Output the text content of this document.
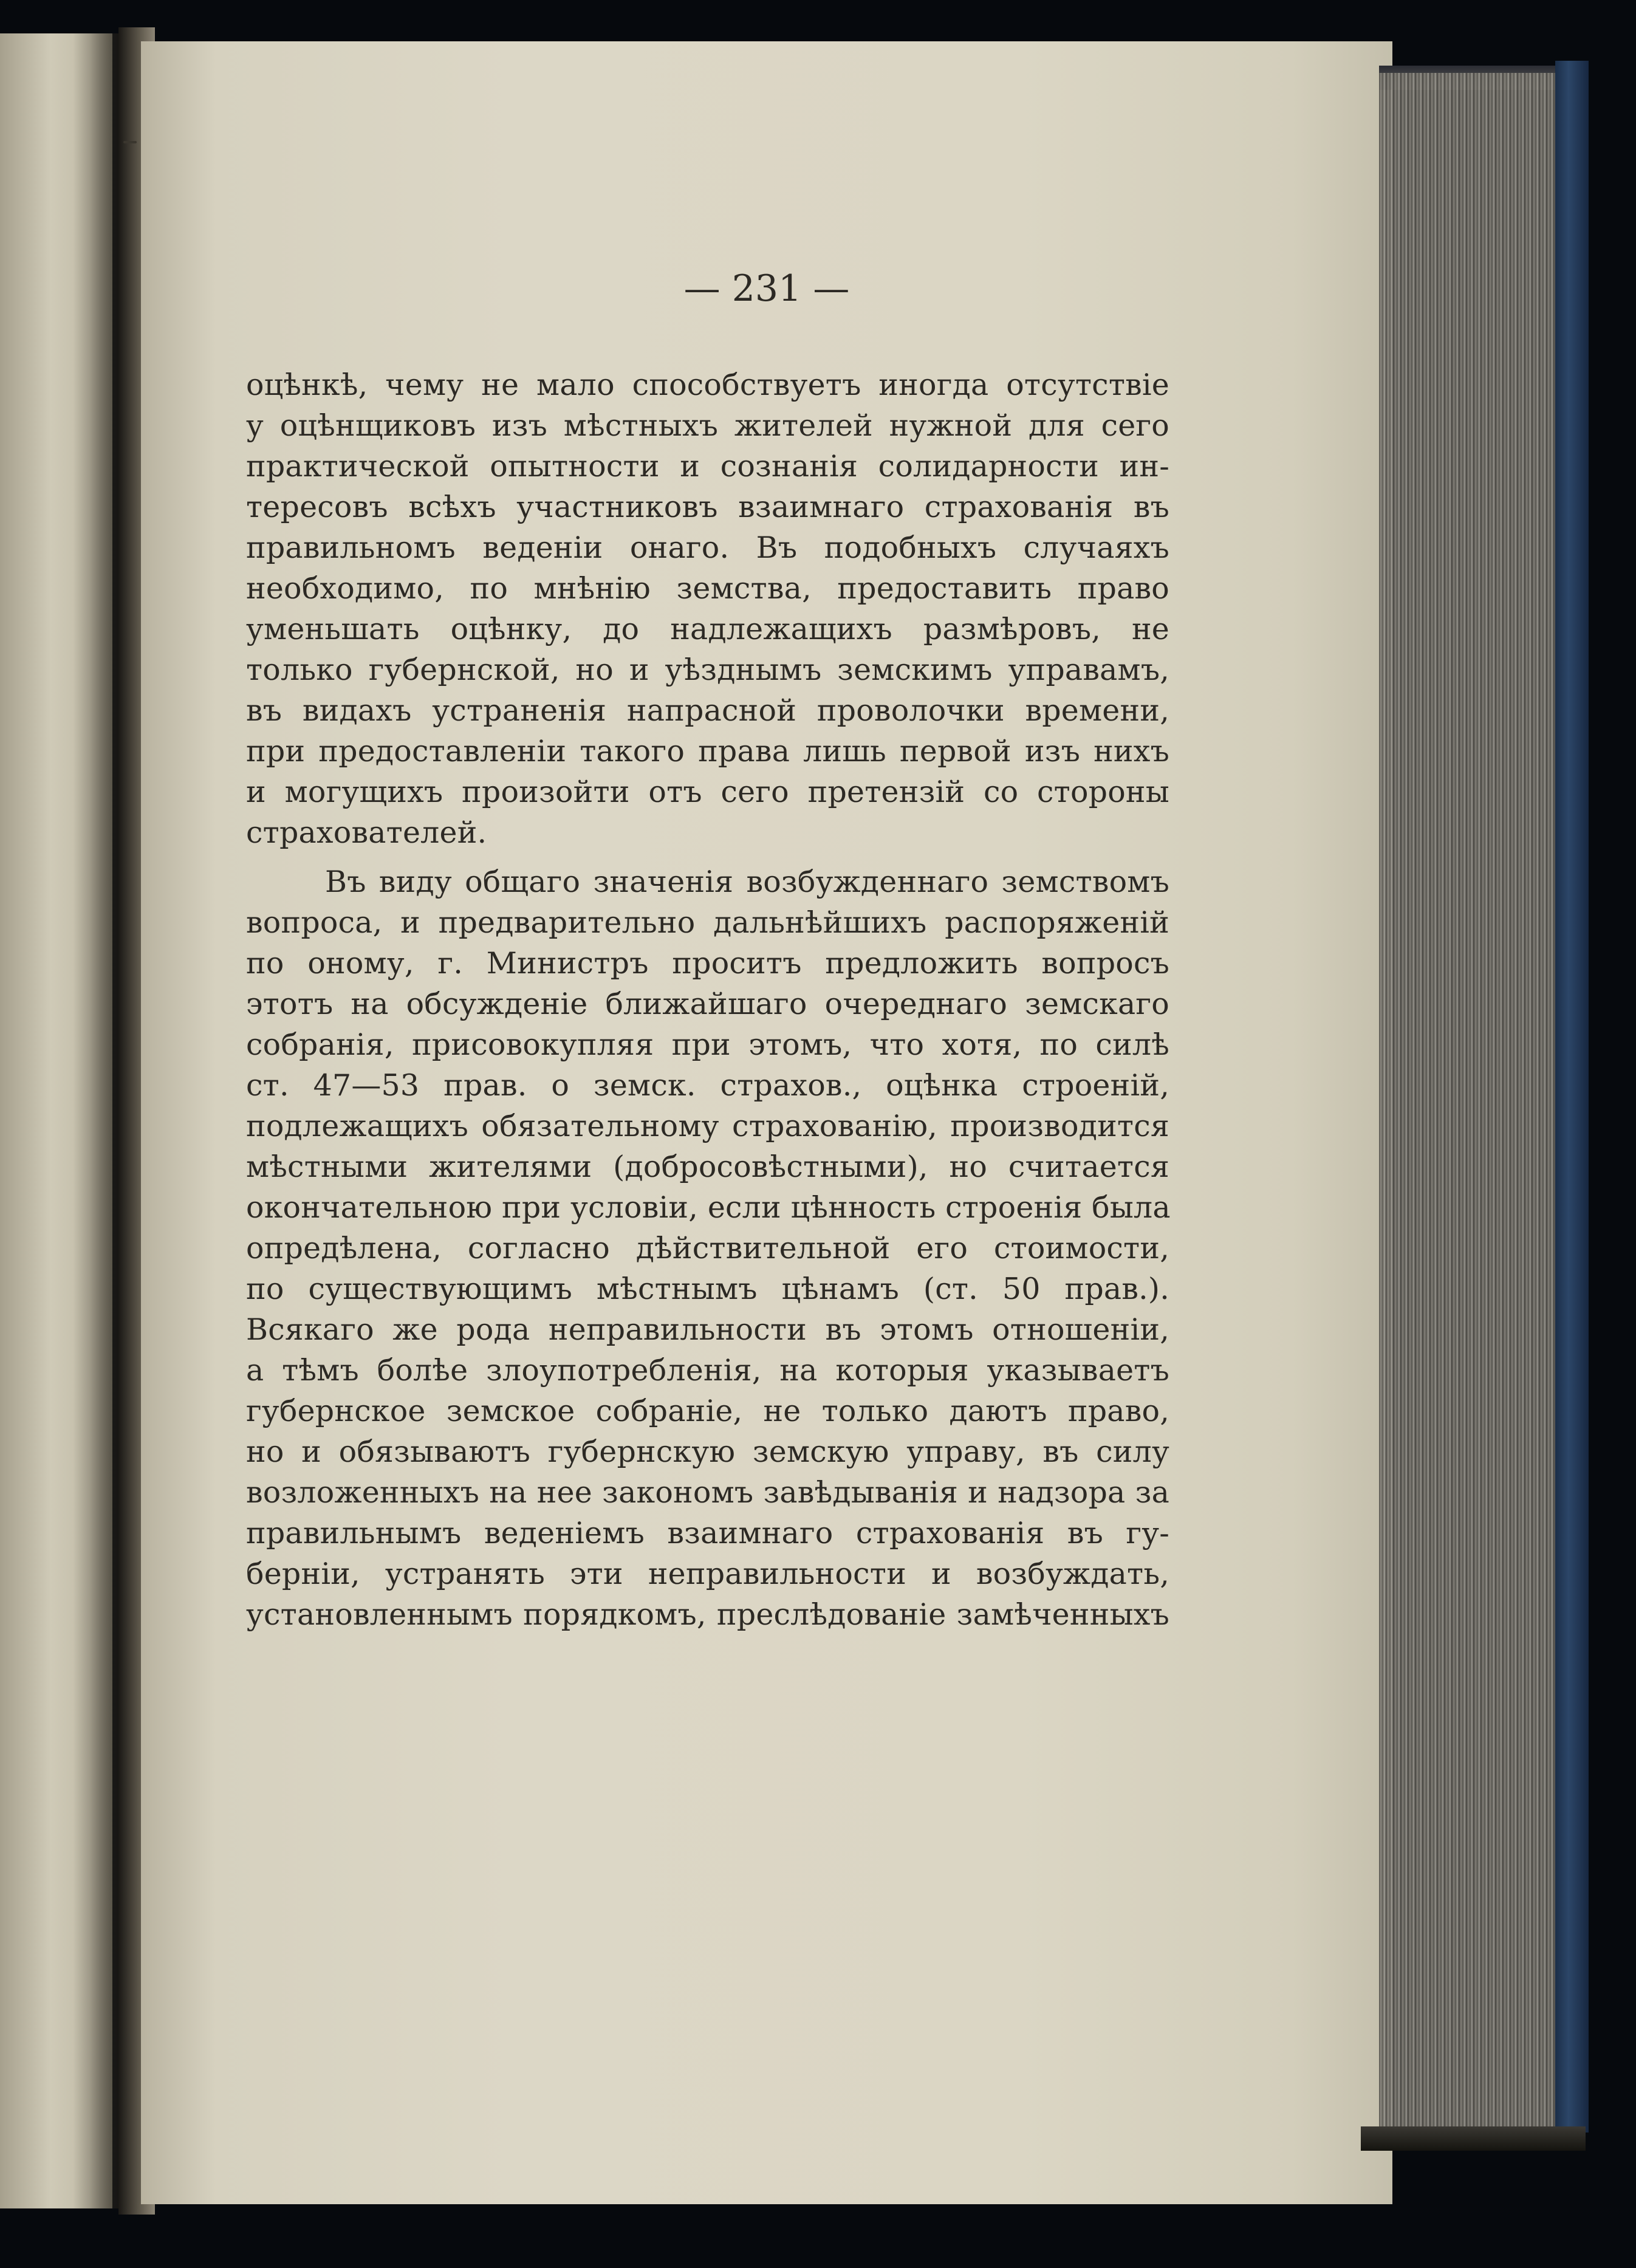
— 231 —
оцѣнкѣ, чему не мало способствуетъ иногда отсутствіе
у оцѣнщиковъ изъ мѣстныхъ жителей нужной для сего
практической опытности и сознанія солидарности ин-
тересовъ всѣхъ участниковъ взаимнаго страхованія въ
правильномъ веденіи онаго. Въ подобныхъ случаяхъ
необходимо, по мнѣнію земства, предоставить право
уменьшать оцѣнку, до надлежащихъ размѣровъ, не
только губернской, но и уѣзднымъ земскимъ управамъ,
въ видахъ устраненія напрасной проволочки времени,
при предоставленіи такого права лишь первой изъ нихъ
и могущихъ произойти отъ сего претензій со стороны
страхователей.
Въ виду общаго значенія возбужденнаго земствомъ
вопроса, и предварительно дальнѣйшихъ распоряженій
по оному, г. Министръ проситъ предложить вопросъ
этотъ на обсужденіе ближайшаго очереднаго земскаго
собранія, присовокупляя при этомъ, что хотя, по силѣ
ст. 47—53 прав. о земск. страхов., оцѣнка строеній,
подлежащихъ обязательному страхованію, производится
мѣстными жителями (добросовѣстными), но считается
окончательною при условіи, если цѣнность строенія была
опредѣлена, согласно дѣйствительной его стоимости,
по существующимъ мѣстнымъ цѣнамъ (ст. 50 прав.).
Всякаго же рода неправильности въ этомъ отношеніи,
а тѣмъ болѣе злоупотребленія, на которыя указываетъ
губернское земское собраніе, не только даютъ право,
но и обязываютъ губернскую земскую управу, въ силу
возложенныхъ на нее закономъ завѣдыванія и надзора за
правильнымъ веденіемъ взаимнаго страхованія въ гу-
берніи, устранять эти неправильности и возбуждать,
установленнымъ порядкомъ, преслѣдованіе замѣченныхъ
